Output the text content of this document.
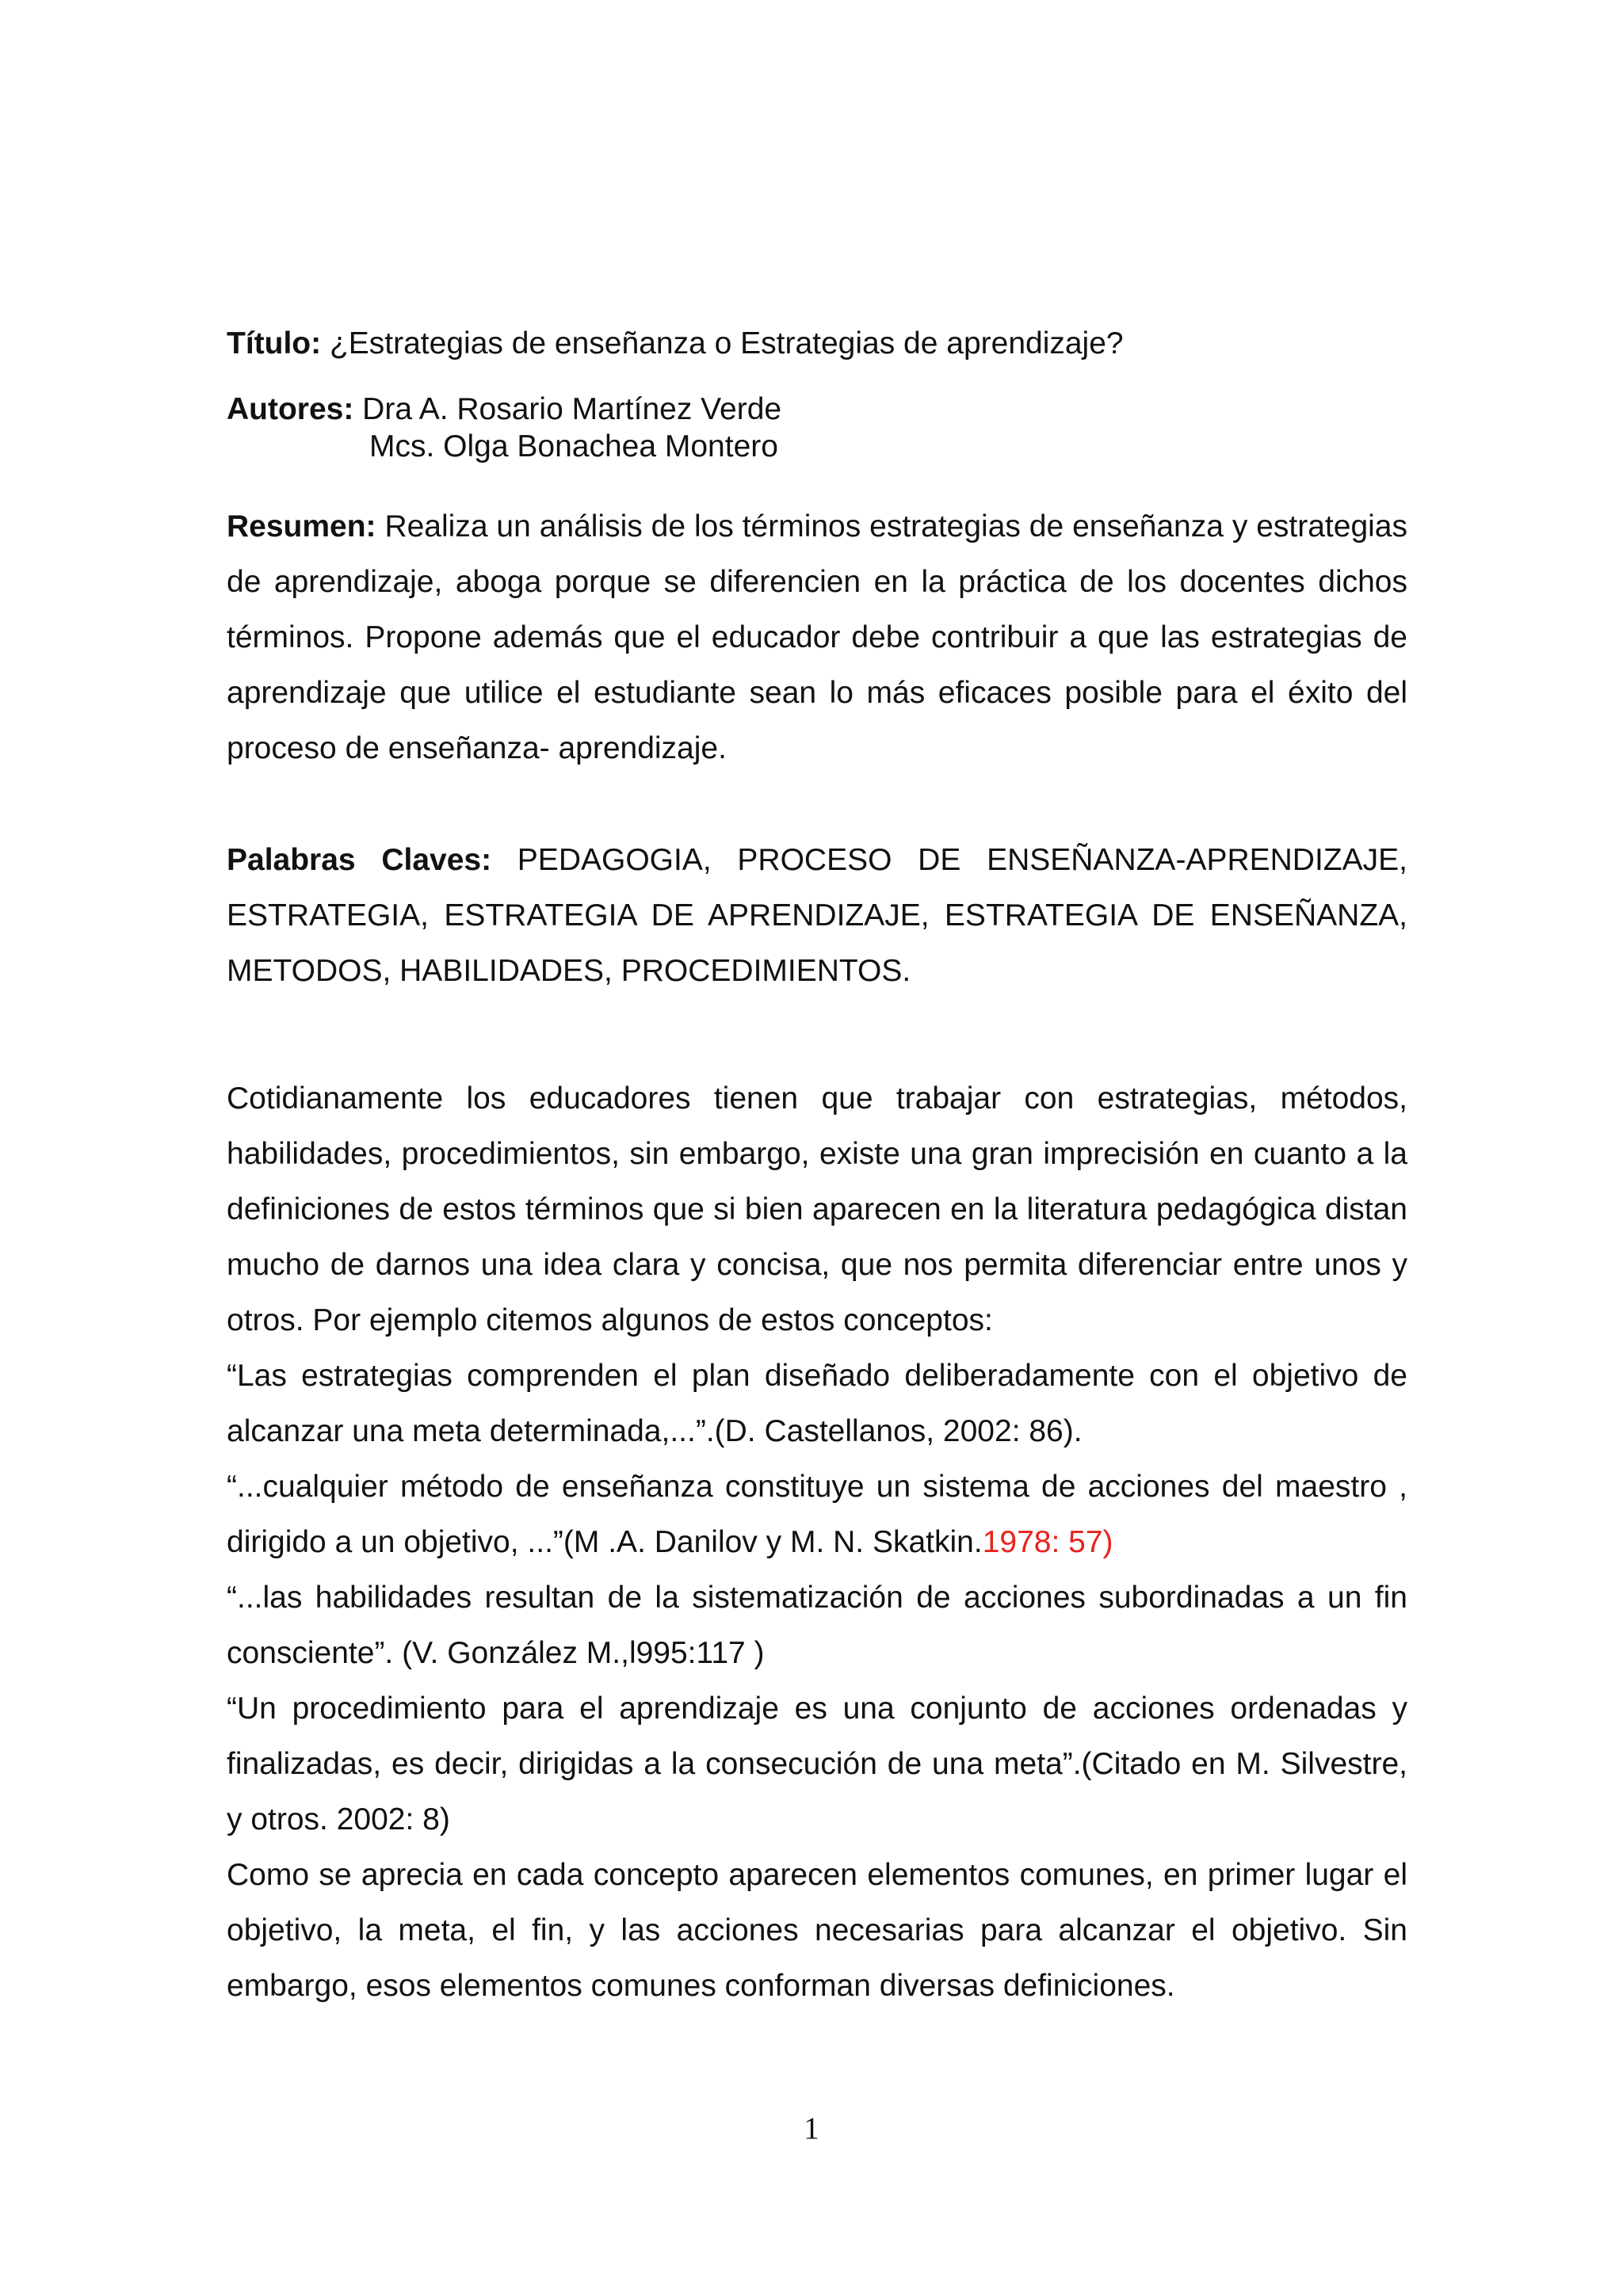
Título: ¿Estrategias de enseñanza o Estrategias de aprendizaje?
Autores: Dra A. Rosario Martínez Verde
Mcs. Olga Bonachea Montero
Resumen: Realiza un análisis de los términos estrategias de enseñanza y estrategias de aprendizaje, aboga porque se diferencien en la práctica de los docentes dichos términos. Propone además que el educador debe contribuir a que las estrategias de aprendizaje que utilice el estudiante sean lo más eficaces posible para el éxito del proceso de enseñanza- aprendizaje.
Palabras Claves: PEDAGOGIA, PROCESO DE ENSEÑANZA-APRENDIZAJE, ESTRATEGIA, ESTRATEGIA DE APRENDIZAJE, ESTRATEGIA DE ENSEÑANZA, METODOS, HABILIDADES, PROCEDIMIENTOS.

Cotidianamente los educadores tienen que trabajar con estrategias, métodos, habilidades, procedimientos, sin embargo, existe una gran imprecisión en cuanto a la definiciones de estos términos que si bien aparecen en la literatura pedagógica distan mucho de darnos una idea clara y concisa, que nos permita diferenciar entre unos y otros. Por ejemplo citemos algunos de estos conceptos:

“Las estrategias comprenden el plan diseñado deliberadamente con el objetivo de alcanzar una meta determinada,...”.(D. Castellanos, 2002: 86).

“...cualquier método de enseñanza constituye un sistema de acciones del maestro , dirigido a un objetivo, ...”(M .A. Danilov y M. N. Skatkin.1978: 57)

“...las habilidades resultan de la sistematización de acciones subordinadas a un fin consciente”. (V. González M.,l995:117 )

“Un procedimiento para el aprendizaje es una conjunto de acciones ordenadas y finalizadas, es decir, dirigidas a la consecución de una meta”.(Citado en M. Silvestre, y otros. 2002: 8)

Como se aprecia en cada concepto aparecen elementos comunes, en primer lugar el objetivo, la meta, el fin, y las acciones necesarias para alcanzar el objetivo. Sin embargo, esos elementos comunes conforman diversas definiciones.

1
